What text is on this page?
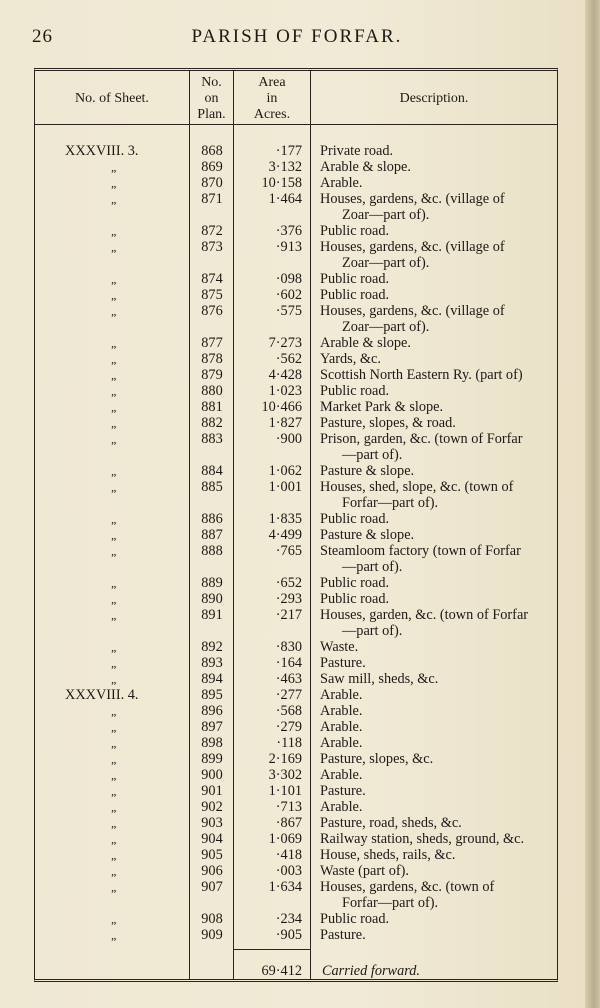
26	PARISH OF FORFAR.
No. of Sheet.
No.
on
Plan.
Area
in
Acres.
Description.
XXXVIII. 3.	868	·177 Private road.
„	869	3·132 Arable & slope.
„	870	10·158 Arable.
„	871	1·464 Houses, gardens, &c. (village of
Zoar—part of).
„	872	·376 Public road.
„	873	·913 Houses, gardens, &c. (village of
Zoar—part of).
„	874	·098 Public road.
„	875	·602 Public road.
„	876	·575 Houses, gardens, &c. (village of
Zoar—part of).
„	877	7·273 Arable & slope.
„	878	·562 Yards, &c.
„	879	4·428 Scottish North Eastern Ry. (part of)
„	880	1·023 Public road.
„	881	10·466 Market Park & slope.
„	882	1·827 Pasture, slopes, & road.
„	883	·900 Prison, garden, &c. (town of Forfar
—part of).
„	884	1·062 Pasture & slope.
„	885	1·001 Houses, shed, slope, &c. (town of
Forfar—part of).
„	886	1·835 Public road.
„	887	4·499 Pasture & slope.
„	888	·765 Steamloom factory (town of Forfar
—part of).
„	889	·652 Public road.
„	890	·293 Public road.
„	891	·217 Houses, garden, &c. (town of Forfar
—part of).
„	892	·830 Waste.
„	893	·164 Pasture.
„	894	·463 Saw mill, sheds, &c.
XXXVIII. 4.	895	·277 Arable.
„	896	·568 Arable.
„	897	·279 Arable.
„	898	·118 Arable.
„	899	2·169 Pasture, slopes, &c.
„	900	3·302 Arable.
„	901	1·101 Pasture.
„	902	·713 Arable.
„	903	·867 Pasture, road, sheds, &c.
„	904	1·069 Railway station, sheds, ground, &c.
„	905	·418 House, sheds, rails, &c.
„	906	·003 Waste (part of).
„	907	1·634 Houses, gardens, &c. (town of
Forfar—part of).
„	908	·234 Public road.
„	909	·905 Pasture.
69·412 Carried forward.
